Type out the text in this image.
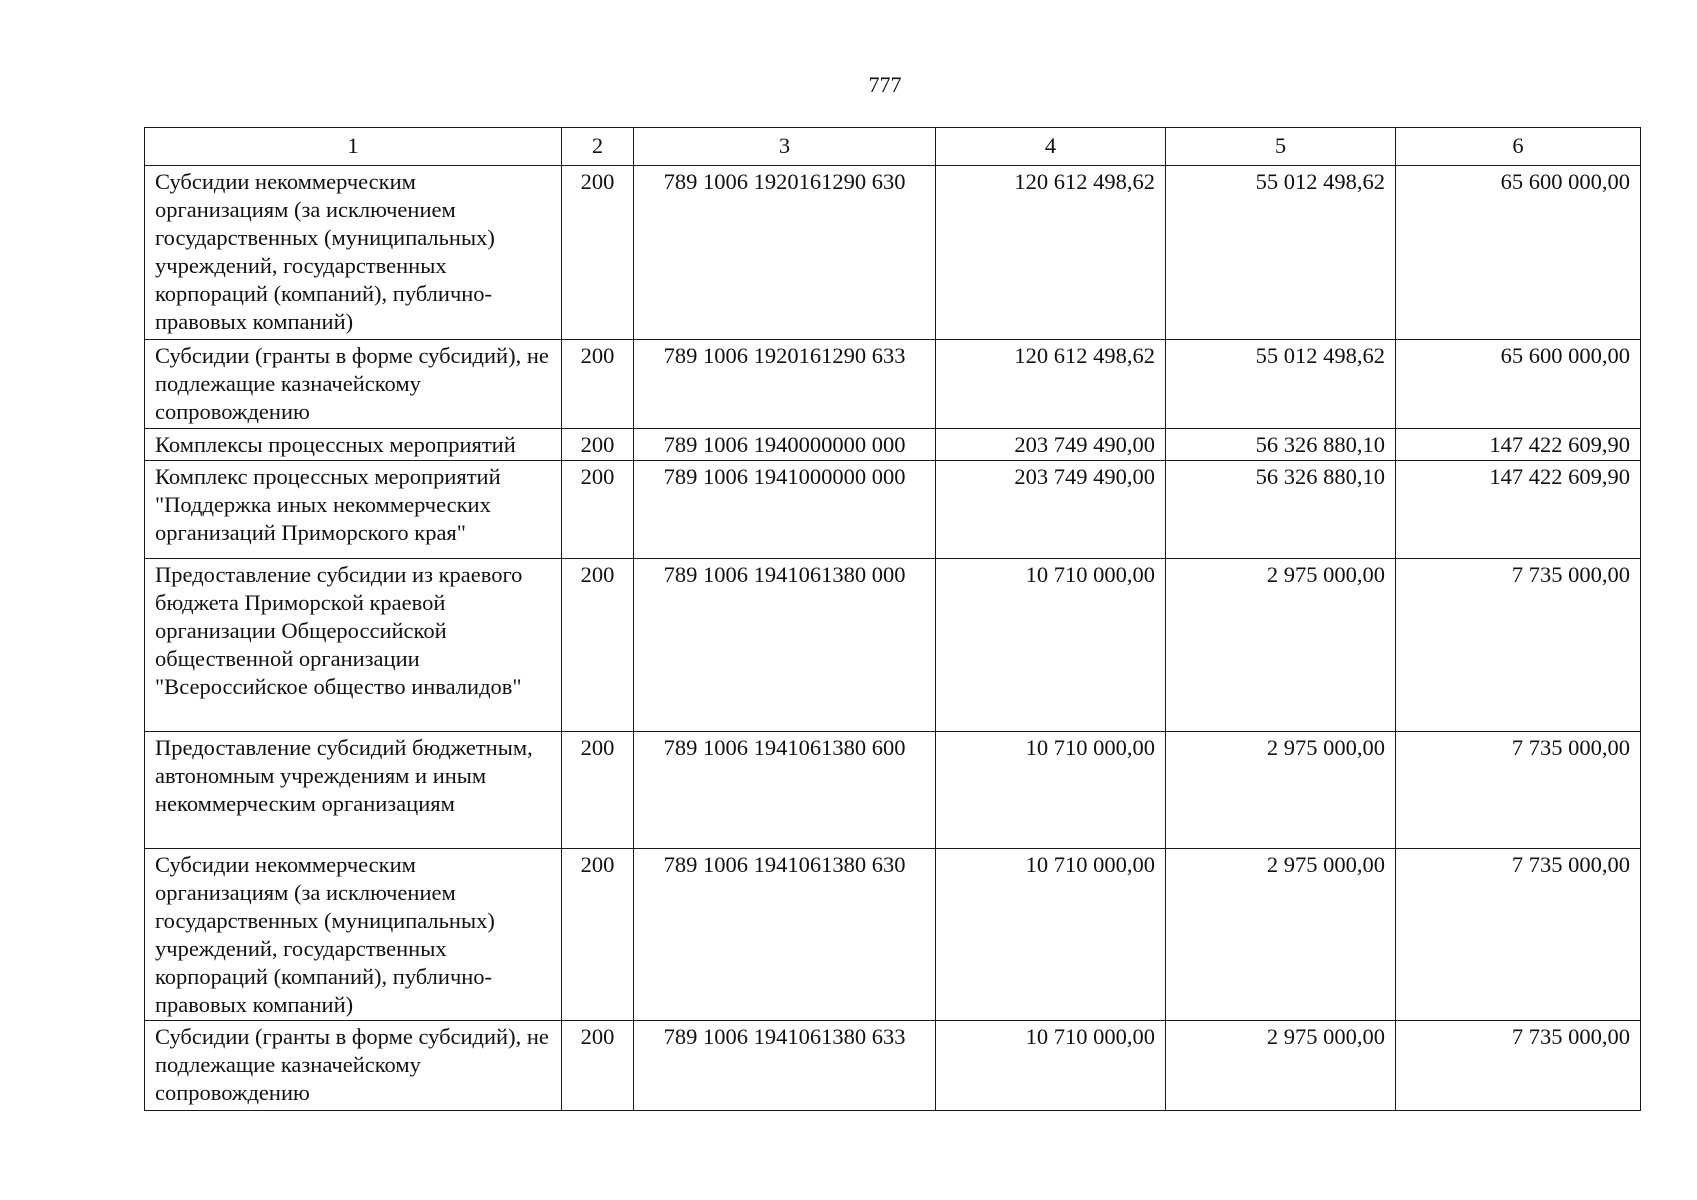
777
1	2	3	4	5	6
Субсидии некоммерческим организациям (за исключением государственных (муниципальных) учреждений, государственных корпораций (компаний), публично-правовых компаний)	200	789 1006 1920161290 630	120 612 498,62	55 012 498,62	65 600 000,00
Субсидии (гранты в форме субсидий), не подлежащие казначейскому сопровождению	200	789 1006 1920161290 633	120 612 498,62	55 012 498,62	65 600 000,00
Комплексы процессных мероприятий	200	789 1006 1940000000 000	203 749 490,00	56 326 880,10	147 422 609,90
Комплекс процессных мероприятий "Поддержка иных некоммерческих организаций Приморского края"	200	789 1006 1941000000 000	203 749 490,00	56 326 880,10	147 422 609,90
Предоставление субсидии из краевого бюджета Приморской краевой организации Общероссийской общественной организации "Всероссийское общество инвалидов"	200	789 1006 1941061380 000	10 710 000,00	2 975 000,00	7 735 000,00
Предоставление субсидий бюджетным, автономным учреждениям и иным некоммерческим организациям	200	789 1006 1941061380 600	10 710 000,00	2 975 000,00	7 735 000,00
Субсидии некоммерческим организациям (за исключением государственных (муниципальных) учреждений, государственных корпораций (компаний), публично-правовых компаний)	200	789 1006 1941061380 630	10 710 000,00	2 975 000,00	7 735 000,00
Субсидии (гранты в форме субсидий), не подлежащие казначейскому сопровождению	200	789 1006 1941061380 633	10 710 000,00	2 975 000,00	7 735 000,00
